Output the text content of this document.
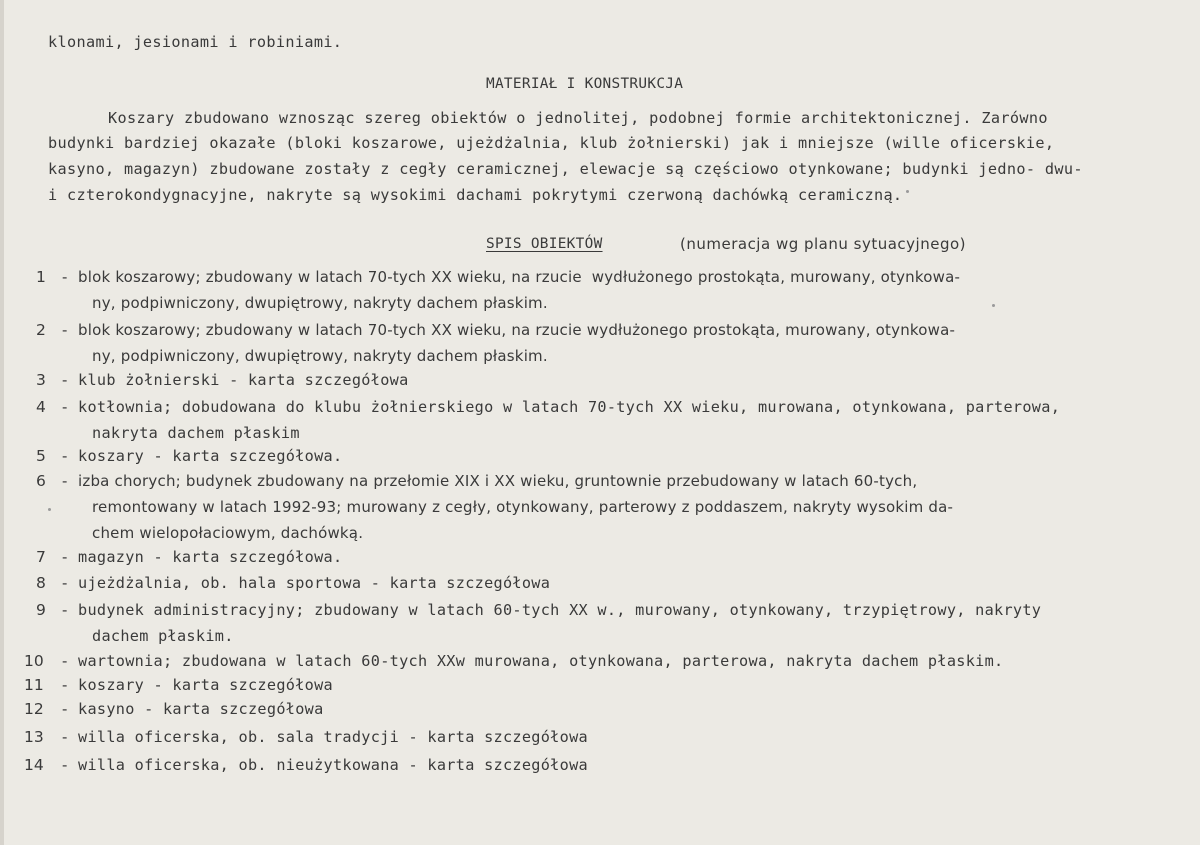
klonami, jesionami i robiniami.
MATERIAŁ I KONSTRUKCJA
Koszary zbudowano wznosząc szereg obiektów o jednolitej, podobnej formie architektonicznej. Zarówno
budynki bardziej okazałe (bloki koszarowe, ujeżdżalnia, klub żołnierski) jak i mniejsze (wille oficerskie,
kasyno, magazyn) zbudowane zostały z cegły ceramicznej, elewacje są częściowo otynkowane; budynki jedno- dwu-
i czterokondygnacyjne, nakryte są wysokimi dachami pokrytymi czerwoną dachówką ceramiczną.
SPIS OBIEKTÓW	(numeracja wg planu sytuacyjnego)
1 - blok koszarowy; zbudowany w latach 70-tych XX wieku, na rzucie  wydłużonego prostokąta, murowany, otynkowa-
ny, podpiwniczony, dwupiętrowy, nakryty dachem płaskim.
2 - blok koszarowy; zbudowany w latach 70-tych XX wieku, na rzucie wydłużonego prostokąta, murowany, otynkowa-
ny, podpiwniczony, dwupiętrowy, nakryty dachem płaskim.
3 - klub żołnierski - karta szczegółowa
4 - kotłownia; dobudowana do klubu żołnierskiego w latach 70-tych XX wieku, murowana, otynkowana, parterowa,
nakryta dachem płaskim
5 - koszary - karta szczegółowa.
6 - izba chorych; budynek zbudowany na przełomie XIX i XX wieku, gruntownie przebudowany w latach 60-tych,
remontowany w latach 1992-93; murowany z cegły, otynkowany, parterowy z poddaszem, nakryty wysokim da-
chem wielopołaciowym, dachówką.
7 - magazyn - karta szczegółowa.
8 - ujeżdżalnia, ob. hala sportowa - karta szczegółowa
9 - budynek administracyjny; zbudowany w latach 60-tych XX w., murowany, otynkowany, trzypiętrowy, nakryty
dachem płaskim.
10 - wartownia; zbudowana w latach 60-tych XXw murowana, otynkowana, parterowa, nakryta dachem płaskim.
11 - koszary - karta szczegółowa
12 - kasyno - karta szczegółowa
13 - willa oficerska, ob. sala tradycji - karta szczegółowa
14 - willa oficerska, ob. nieużytkowana - karta szczegółowa
